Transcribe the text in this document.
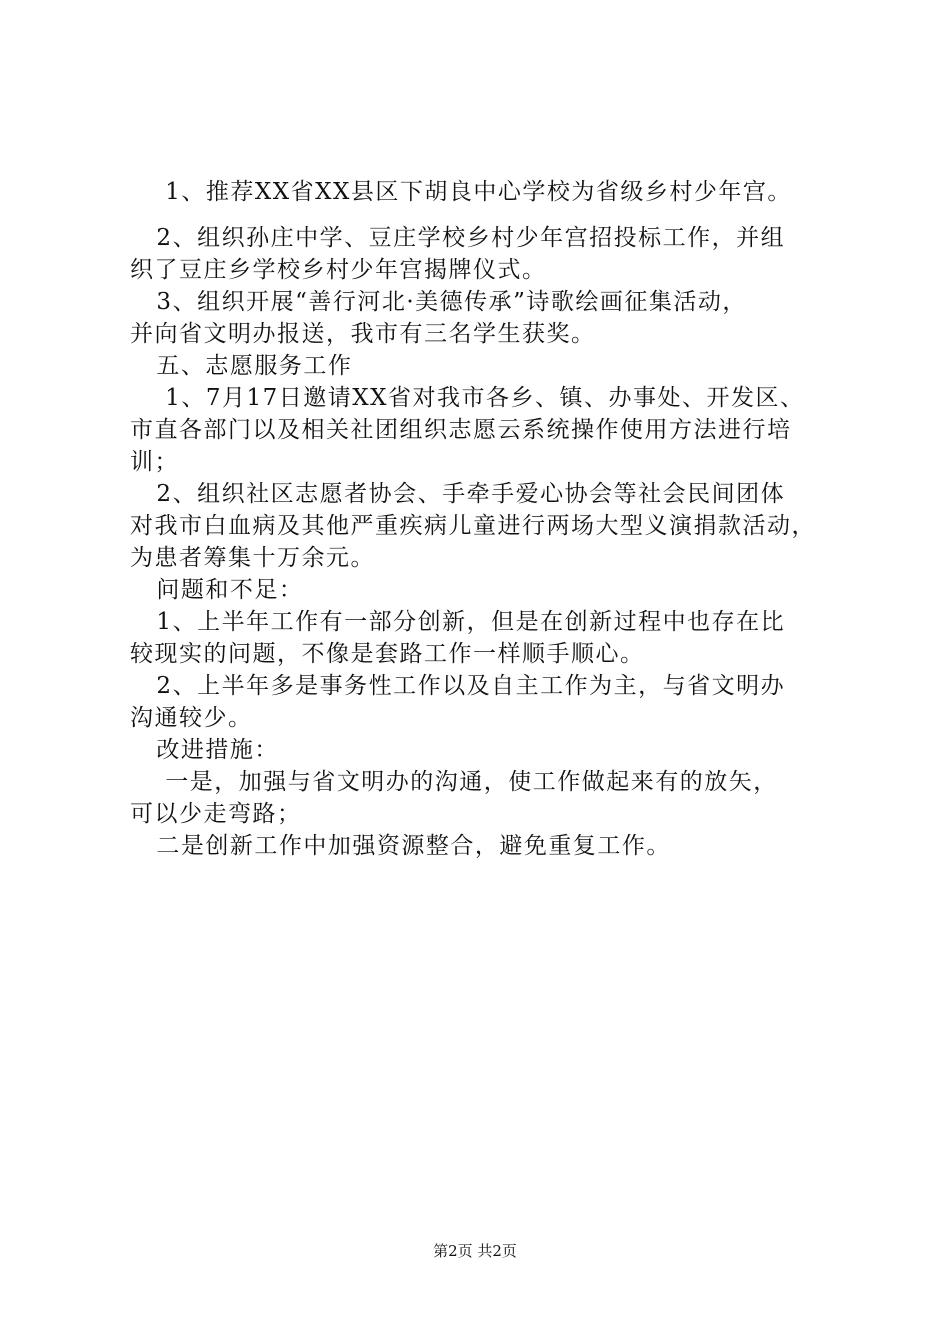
1、推荐XX省XX县区下胡良中心学校为省级乡村少年宫。
2、组织孙庄中学、豆庄学校乡村少年宫招投标工作，并组
织了豆庄乡学校乡村少年宫揭牌仪式。
3、组织开展“善行河北·美德传承”诗歌绘画征集活动，
并向省文明办报送，我市有三名学生获奖。
五、志愿服务工作
1、7月17日邀请XX省对我市各乡、镇、办事处、开发区、
市直各部门以及相关社团组织志愿云系统操作使用方法进行培
训；
2、组织社区志愿者协会、手牵手爱心协会等社会民间团体
对我市白血病及其他严重疾病儿童进行两场大型义演捐款活动，
为患者筹集十万余元。
问题和不足：
1、上半年工作有一部分创新，但是在创新过程中也存在比
较现实的问题，不像是套路工作一样顺手顺心。
2、上半年多是事务性工作以及自主工作为主，与省文明办
沟通较少。
改进措施：
一是，加强与省文明办的沟通，使工作做起来有的放矢，
可以少走弯路；
二是创新工作中加强资源整合，避免重复工作。
第2页 共2页
